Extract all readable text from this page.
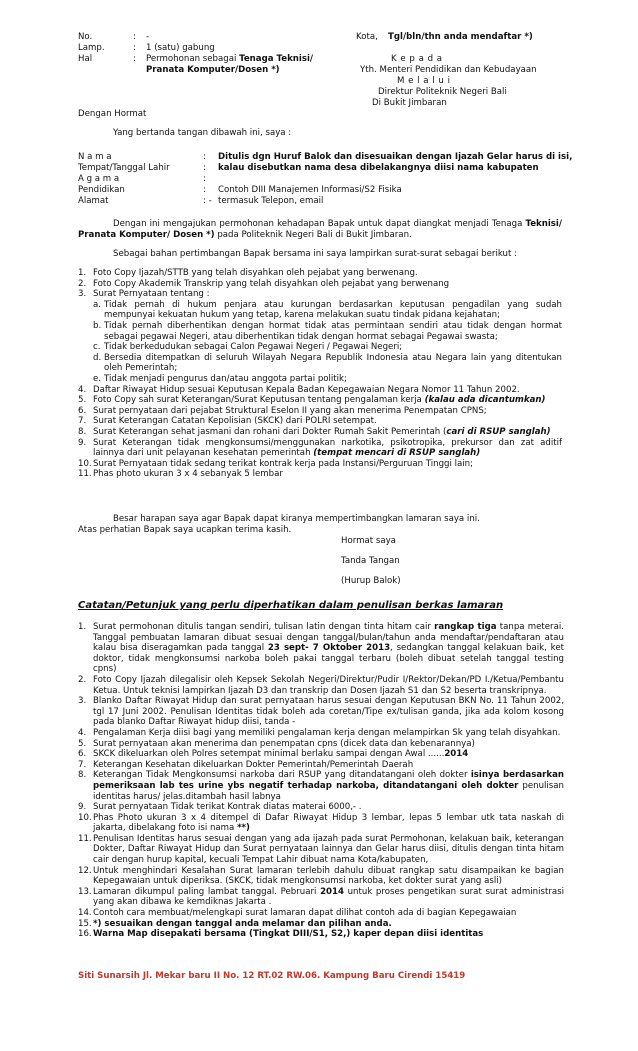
No.	: -
Lamp.	: 1 (satu) gabung
Hal	: Permohonan sebagai Tenaga Teknisi/
Pranata Komputer/Dosen *)
Kota, Tgl/bln/thn anda mendaftar *)
K e p a d a
Yth. Menteri Pendidikan dan Kebudayaan
M e l a l u i
Direktur Politeknik Negeri Bali
Di Bukit Jimbaran
Dengan Hormat
Yang bertanda tangan dibawah ini, saya :
N a m a	: Ditulis dgn Huruf Balok dan disesuaikan dengan Ijazah Gelar harus di isi,
Tempat/Tanggal Lahir	: kalau disebutkan nama desa dibelakangnya diisi nama kabupaten
A g a m a	:
Pendidikan	: Contoh DIII Manajemen Informasi/S2 Fisika
Alamat	: - termasuk Telepon, email
Dengan ini mengajukan permohonan kehadapan Bapak untuk dapat diangkat menjadi Tenaga Teknisi/ Pranata Komputer/ Dosen *) pada Politeknik Negeri Bali di Bukit Jimbaran.
Sebagai bahan pertimbangan Bapak bersama ini saya lampirkan surat-surat sebagai berikut :
1. Foto Copy Ijazah/STTB yang telah disyahkan oleh pejabat yang berwenang.
2. Foto Copy Akademik Transkrip yang telah disyahkan oleh pejabat yang berwenang
3. Surat Pernyataan tentang :
a. Tidak pernah di hukum penjara atau kurungan berdasarkan keputusan pengadilan yang sudah mempunyai kekuatan hukum yang tetap, karena melakukan suatu tindak pidana kejahatan;
b. Tidak pernah diberhentikan dengan hormat tidak atas permintaan sendiri atau tidak dengan hormat sebagai pegawai Negeri, atau diberhentikan tidak dengan hormat sebagai Pegawai swasta;
c. Tidak berkedudukan sebagai Calon Pegawai Negeri / Pegawai Negeri;
d. Bersedia ditempatkan di seluruh Wilayah Negara Republik Indonesia atau Negara lain yang ditentukan oleh Pemerintah;
e. Tidak menjadi pengurus dan/atau anggota partai politik;
4. Daftar Riwayat Hidup sesuai Keputusan Kepala Badan Kepegawaian Negara Nomor 11 Tahun 2002.
5. Foto Copy sah surat Keterangan/Surat Keputusan tentang pengalaman kerja (kalau ada dicantumkan)
6. Surat pernyataan dari pejabat Struktural Eselon II yang akan menerima Penempatan CPNS;
7. Surat Keterangan Catatan Kepolisian (SKCK) dari POLRI setempat.
8. Surat Keterangan sehat jasmani dan rohani dari Dokter Rumah Sakit Pemerintah (cari di RSUP sanglah)
9. Surat Keterangan tidak mengkonsumsi/menggunakan narkotika, psikotropika, prekursor dan zat aditif lainnya dari unit pelayanan kesehatan pemerintah (tempat mencari di RSUP sanglah)
10. Surat Pernyataan tidak sedang terikat kontrak kerja pada Instansi/Perguruan Tinggi lain;
11. Phas photo ukuran 3 x 4 sebanyak 5 lembar
Besar harapan saya agar Bapak dapat kiranya mempertimbangkan lamaran saya ini.
Atas perhatian Bapak saya ucapkan terima kasih.
Hormat saya
Tanda Tangan
(Hurup Balok)
Catatan/Petunjuk yang perlu diperhatikan dalam penulisan berkas lamaran
1. Surat permohonan ditulis tangan sendiri, tulisan latin dengan tinta hitam cair rangkap tiga tanpa meterai. Tanggal pembuatan lamaran dibuat sesuai dengan tanggal/bulan/tahun anda mendaftar/pendaftaran atau kalau bisa diseragamkan pada tanggal 23 sept- 7 Oktober 2013, sedangkan tanggal kelakuan baik, ket doktor, tidak mengkonsumsi narkoba boleh pakai tanggal terbaru (boleh dibuat setelah tanggal testing cpns)
2. Foto Copy Ijazah dilegalisir oleh Kepsek Sekolah Negeri/Direktur/Pudir I/Rektor/Dekan/PD I./Ketua/Pembantu Ketua. Untuk teknisi lampirkan Ijazah D3 dan transkrip dan Dosen Ijazah S1 dan S2 beserta transkripnya.
3. Blanko Daftar Riwayat Hidup dan surat pernyataan harus sesuai dengan Keputusan BKN No. 11 Tahun 2002, tgl 17 Juni 2002. Penulisan Identitas tidak boleh ada coretan/Tipe ex/tulisan ganda, jika ada kolom kosong pada blanko Daftar Riwayat hidup diisi, tanda -
4. Pengalaman Kerja diisi bagi yang memiliki pengalaman kerja dengan melampirkan Sk yang telah disyahkan.
5. Surat pernyataan akan menerima dan penempatan cpns (dicek data dan kebenarannya)
6. SKCK dikeluarkan oleh Polres setempat minimal berlaku sampai dengan Awal ......2014
7. Keterangan Kesehatan dikeluarkan Dokter Pemerintah/Pemerintah Daerah
8. Keterangan Tidak Mengkonsumsi narkoba dari RSUP yang ditandatangani oleh dokter isinya berdasarkan pemeriksaan lab tes urine ybs negatif terhadap narkoba, ditandatangani oleh dokter penulisan identitas harus/ jelas.ditambah hasil labnya
9. Surat pernyataan Tidak terikat Kontrak diatas materai 6000,- .
10. Phas Photo ukuran 3 x 4 ditempel di Dafar Riwayat Hidup 3 lembar, lepas 5 lembar utk tata naskah di jakarta, dibelakang foto isi nama **)
11. Penulisan Identitas harus sesuai dengan yang ada ijazah pada surat Permohonan, kelakuan baik, keterangan Dokter, Daftar Riwayat Hidup dan Surat pernyataan lainnya dan Gelar harus diisi, ditulis dengan tinta hitam cair dengan hurup kapital, kecuali Tempat Lahir dibuat nama Kota/kabupaten,
12. Untuk menghindari Kesalahan Surat lamaran terlebih dahulu dibuat rangkap satu disampaikan ke bagian Kepegawaian untuk diperiksa. (SKCK, tidak mengkonsumsi narkoba, ket dokter surat yang asli)
13. Lamaran dikumpul paling lambat tanggal. Pebruari 2014 untuk proses pengetikan surat surat administrasi yang akan dibawa ke kemdiknas Jakarta .
14. Contoh cara membuat/melengkapi surat lamaran dapat dilihat contoh ada di bagian Kepegawaian
15. *) sesuaikan dengan tanggal anda melamar dan pilihan anda.
16. Warna Map disepakati bersama (Tingkat DIII/S1, S2,) kaper depan diisi identitas
Siti Sunarsih Jl. Mekar baru II No. 12 RT.02 RW.06. Kampung Baru Cirendi 15419
